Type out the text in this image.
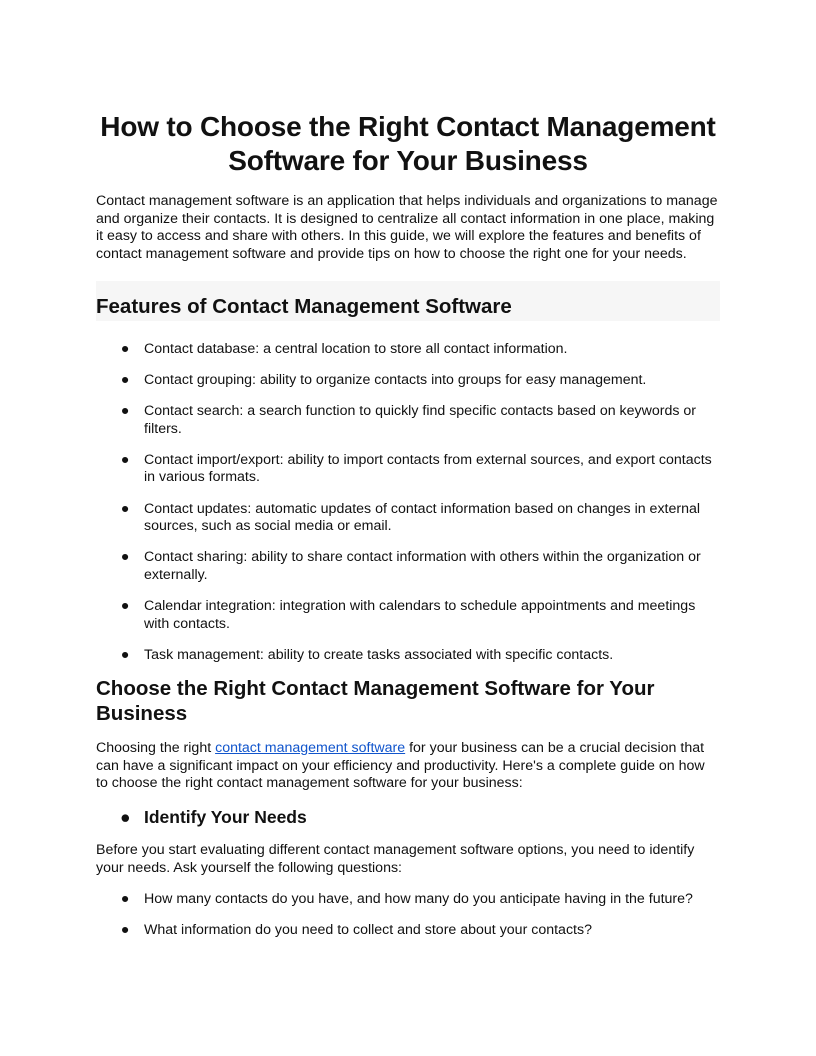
How to Choose the Right Contact Management Software for Your Business

Contact management software is an application that helps individuals and organizations to manage and organize their contacts. It is designed to centralize all contact information in one place, making it easy to access and share with others. In this guide, we will explore the features and benefits of contact management software and provide tips on how to choose the right one for your needs.

Features of Contact Management Software
● Contact database: a central location to store all contact information.
● Contact grouping: ability to organize contacts into groups for easy management.
● Contact search: a search function to quickly find specific contacts based on keywords or filters.
● Contact import/export: ability to import contacts from external sources, and export contacts in various formats.
● Contact updates: automatic updates of contact information based on changes in external sources, such as social media or email.
● Contact sharing: ability to share contact information with others within the organization or externally.
● Calendar integration: integration with calendars to schedule appointments and meetings with contacts.
● Task management: ability to create tasks associated with specific contacts.
Choose the Right Contact Management Software for Your Business

Choosing the right contact management software for your business can be a crucial decision that can have a significant impact on your efficiency and productivity. Here's a complete guide on how to choose the right contact management software for your business:

● Identify Your Needs

Before you start evaluating different contact management software options, you need to identify your needs. Ask yourself the following questions:

● How many contacts do you have, and how many do you anticipate having in the future?
● What information do you need to collect and store about your contacts?
